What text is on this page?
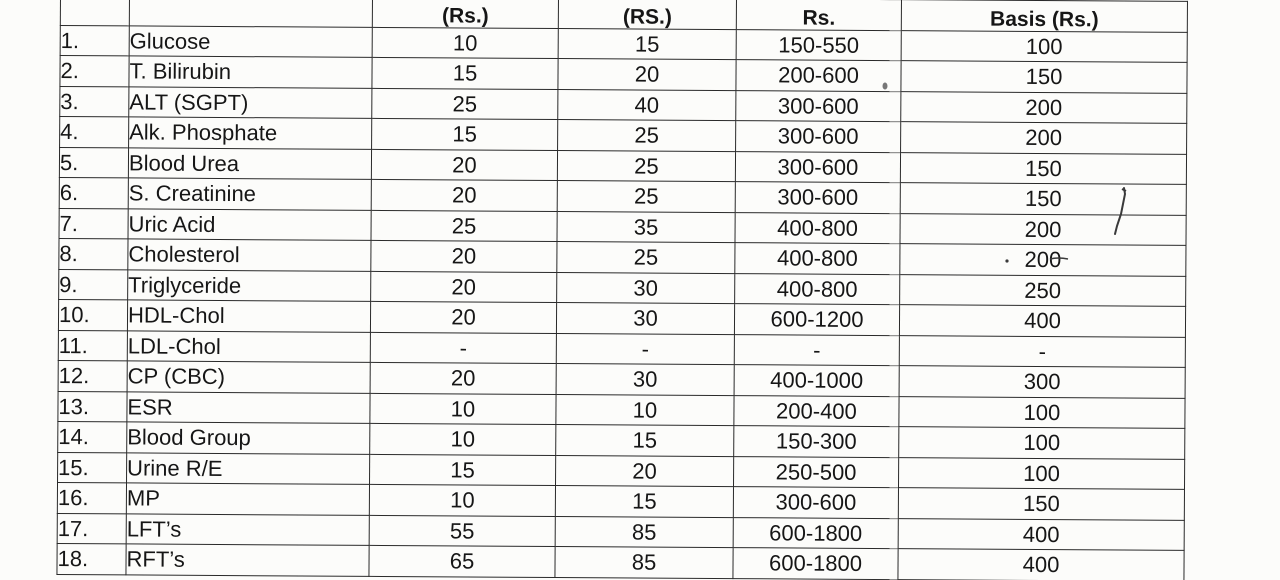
		(Rs.)	(RS.)	Rs.	Basis (Rs.)
1.	Glucose	10	15	150-550	100
2.	T. Bilirubin	15	20	200-600	150
3.	ALT (SGPT)	25	40	300-600	200
4.	Alk. Phosphate	15	25	300-600	200
5.	Blood Urea	20	25	300-600	150
6.	S. Creatinine	20	25	300-600	150
7.	Uric Acid	25	35	400-800	200
8.	Cholesterol	20	25	400-800	200
9.	Triglyceride	20	30	400-800	250
10.	HDL-Chol	20	30	600-1200	400
11.	LDL-Chol	-	-	-	-
12.	CP (CBC)	20	30	400-1000	300
13.	ESR	10	10	200-400	100
14.	Blood Group	10	15	150-300	100
15.	Urine R/E	15	20	250-500	100
16.	MP	10	15	300-600	150
17.	LFT’s	55	85	600-1800	400
18.	RFT’s	65	85	600-1800	400
